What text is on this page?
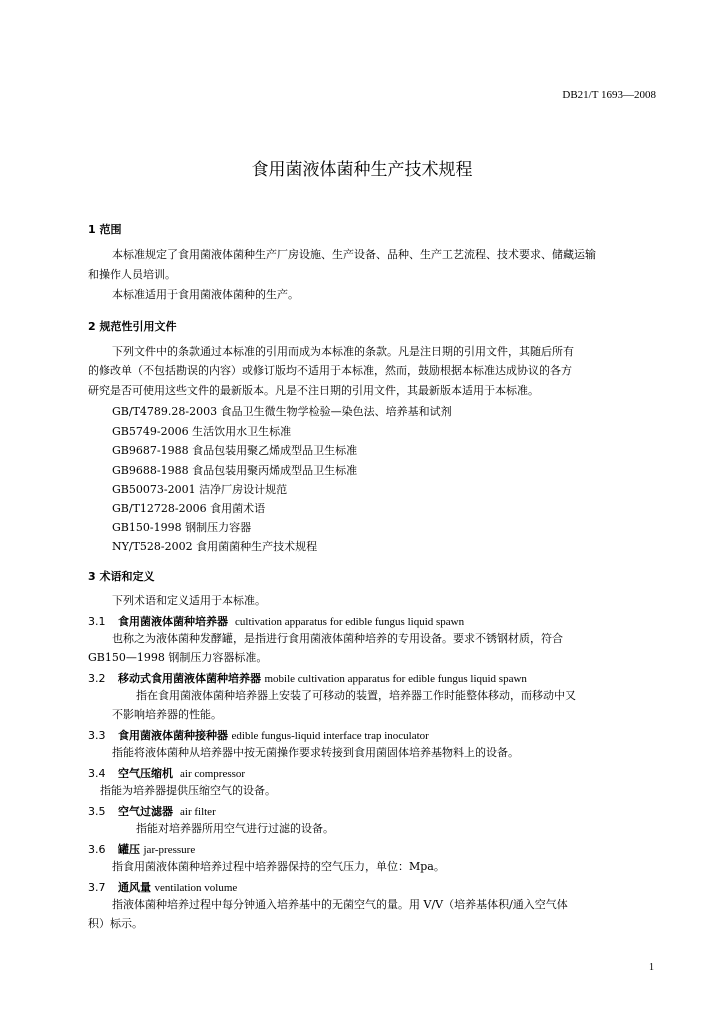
DB21/T 1693—2008
食用菌液体菌种生产技术规程
1 范围
本标准规定了食用菌液体菌种生产厂房设施、生产设备、品种、生产工艺流程、技术要求、储藏运输
和操作人员培训。
本标准适用于食用菌液体菌种的生产。
2 规范性引用文件
下列文件中的条款通过本标准的引用而成为本标准的条款。凡是注日期的引用文件，其随后所有
的修改单（不包括勘误的内容）或修订版均不适用于本标准，然而，鼓励根据本标准达成协议的各方
研究是否可使用这些文件的最新版本。凡是不注日期的引用文件，其最新版本适用于本标准。
GB/T4789.28-2003 食品卫生微生物学检验—染色法、培养基和试剂
GB5749-2006 生活饮用水卫生标准
GB9687-1988 食品包装用聚乙烯成型品卫生标准
GB9688-1988 食品包装用聚丙烯成型品卫生标准
GB50073-2001 洁净厂房设计规范
GB/T12728-2006 食用菌术语
GB150-1998 钢制压力容器
NY/T528-2002 食用菌菌种生产技术规程
3 术语和定义
下列术语和定义适用于本标准。
3.1 食用菌液体菌种培养器 cultivation apparatus for edible fungus liquid spawn
也称之为液体菌种发酵罐，是指进行食用菌液体菌种培养的专用设备。要求不锈钢材质，符合
GB150—1998 钢制压力容器标准。
3.2 移动式食用菌液体菌种培养器 mobile cultivation apparatus for edible fungus liquid spawn
指在食用菌液体菌种培养器上安装了可移动的装置，培养器工作时能整体移动，而移动中又
不影响培养器的性能。
3.3 食用菌液体菌种接种器 edible fungus-liquid interface trap inoculator
指能将液体菌种从培养器中按无菌操作要求转接到食用菌固体培养基物料上的设备。
3.4 空气压缩机 air compressor
指能为培养器提供压缩空气的设备。
3.5 空气过滤器 air filter
指能对培养器所用空气进行过滤的设备。
3.6 罐压 jar-pressure
指食用菌液体菌种培养过程中培养器保持的空气压力，单位：Mpa。
3.7 通风量 ventilation volume
指液体菌种培养过程中每分钟通入培养基中的无菌空气的量。用 V/V（培养基体积/通入空气体
积）标示。
1
